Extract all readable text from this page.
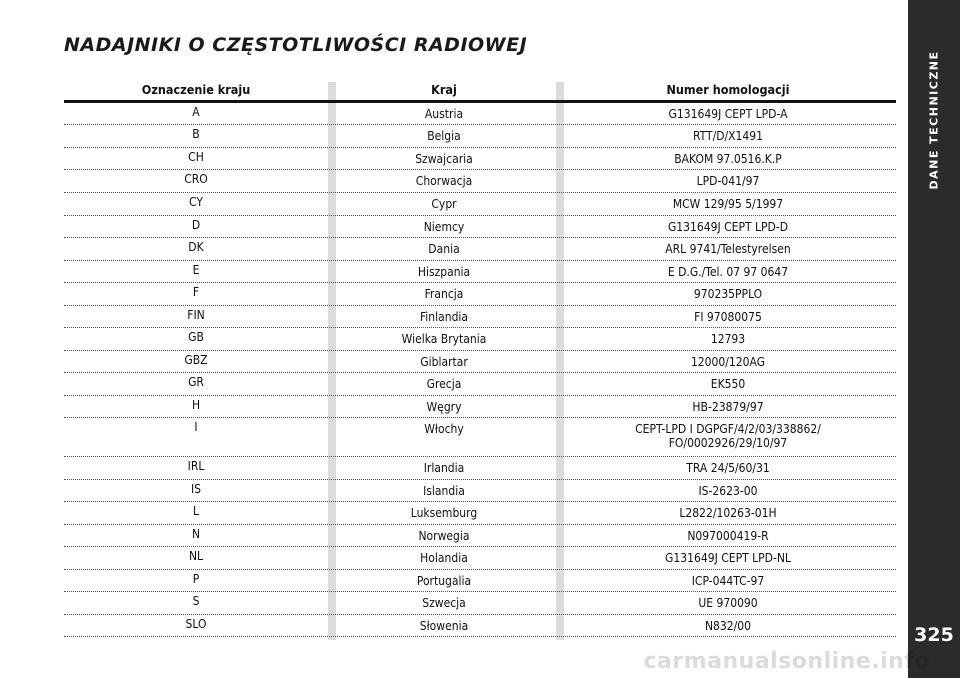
NADAJNIKI O CZĘSTOTLIWOŚCI RADIOWEJ
DANE TECHNICZNE
325
Oznaczenie kraju	Kraj	Numer homologacji
A	Austria	G131649J CEPT LPD-A
B	Belgia	RTT/D/X1491
CH	Szwajcaria	BAKOM 97.0516.K.P
CRO	Chorwacja	LPD-041/97
CY	Cypr	MCW 129/95 5/1997
D	Niemcy	G131649J CEPT LPD-D
DK	Dania	ARL 9741/Telestyrelsen
E	Hiszpania	E D.G./Tel. 07 97 0647
F	Francja	970235PPLO
FIN	Finlandia	FI 97080075
GB	Wielka Brytania	12793
GBZ	Giblartar	12000/120AG
GR	Grecja	EK550
H	Węgry	HB-23879/97
I	Włochy	CEPT-LPD I DGPGF/4/2/03/338862/
FO/0002926/29/10/97
IRL	Irlandia	TRA 24/5/60/31
IS	Islandia	IS-2623-00
L	Luksemburg	L2822/10263-01H
N	Norwegia	N097000419-R
NL	Holandia	G131649J CEPT LPD-NL
P	Portugalia	ICP-044TC-97
S	Szwecja	UE 970090
SLO	Słowenia	N832/00
carmanualsonline.info
